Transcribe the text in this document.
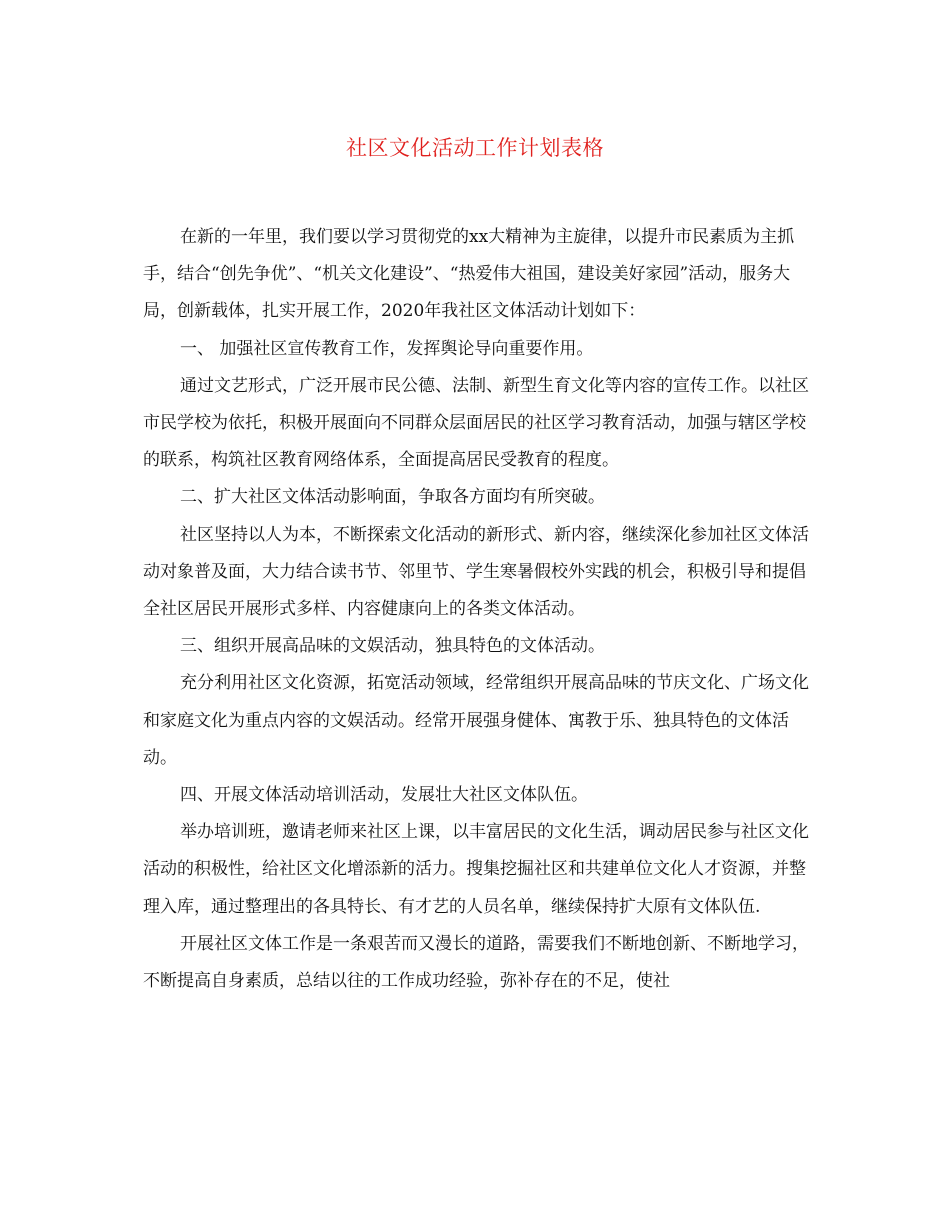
社区文化活动工作计划表格

在新的一年里，我们要以学习贯彻党的xx大精神为主旋律，以提升市民素质为主抓手，结合“创先争优”、“机关文化建设”、“热爱伟大祖国，建设美好家园”活动，服务大局，创新载体，扎实开展工作，2020年我社区文体活动计划如下：

一、 加强社区宣传教育工作，发挥舆论导向重要作用。

通过文艺形式，广泛开展市民公德、法制、新型生育文化等内容的宣传工作。以社区市民学校为依托，积极开展面向不同群众层面居民的社区学习教育活动，加强与辖区学校的联系，构筑社区教育网络体系，全面提高居民受教育的程度。

二、扩大社区文体活动影响面，争取各方面均有所突破。

社区坚持以人为本，不断探索文化活动的新形式、新内容，继续深化参加社区文体活动对象普及面，大力结合读书节、邻里节、学生寒暑假校外实践的机会，积极引导和提倡全社区居民开展形式多样、内容健康向上的各类文体活动。

三、组织开展高品味的文娱活动，独具特色的文体活动。

充分利用社区文化资源，拓宽活动领域，经常组织开展高品味的节庆文化、广场文化和家庭文化为重点内容的文娱活动。经常开展强身健体、寓教于乐、独具特色的文体活动。

四、开展文体活动培训活动，发展壮大社区文体队伍。

举办培训班，邀请老师来社区上课，以丰富居民的文化生活，调动居民参与社区文化活动的积极性，给社区文化增添新的活力。搜集挖掘社区和共建单位文化人才资源，并整理入库，通过整理出的各具特长、有才艺的人员名单，继续保持扩大原有文体队伍.

开展社区文体工作是一条艰苦而又漫长的道路，需要我们不断地创新、不断地学习，不断提高自身素质，总结以往的工作成功经验，弥补存在的不足，使社
